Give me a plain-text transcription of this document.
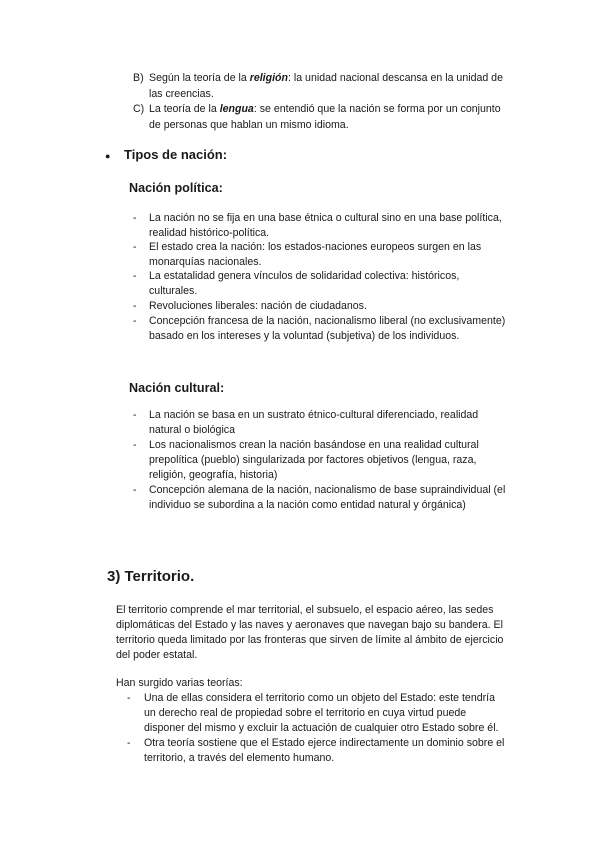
B) Según la teoría de la religión: la unidad nacional descansa en la unidad de
las creencias.
C) La teoría de la lengua: se entendió que la nación se forma por un conjunto
de personas que hablan un mismo idioma.
● Tipos de nación:
Nación política:
- La nación no se fija en una base étnica o cultural sino en una base política,
realidad histórico-política.
- El estado crea la nación: los estados-naciones europeos surgen en las
monarquías nacionales.
- La estatalidad genera vínculos de solidaridad colectiva: históricos,
culturales.
- Revoluciones liberales: nación de ciudadanos.
- Concepción francesa de la nación, nacionalismo liberal (no exclusivamente)
basado en los intereses y la voluntad (subjetiva) de los individuos.
Nación cultural:
- La nación se basa en un sustrato étnico-cultural diferenciado, realidad
natural o biológica
- Los nacionalismos crean la nación basándose en una realidad cultural
prepolítica (pueblo) singularizada por factores objetivos (lengua, raza,
religión, geografía, historia)
- Concepción alemana de la nación, nacionalismo de base supraindividual (el
individuo se subordina a la nación como entidad natural y órgánica)
3) Territorio.
El territorio comprende el mar territorial, el subsuelo, el espacio aéreo, las sedes
diplomáticas del Estado y las naves y aeronaves que navegan bajo su bandera. El
territorio queda limitado por las fronteras que sirven de límite al ámbito de ejercicio
del poder estatal.
Han surgido varias teorías:
- Una de ellas considera el territorio como un objeto del Estado: este tendría
un derecho real de propiedad sobre el territorio en cuya virtud puede
disponer del mismo y excluir la actuación de cualquier otro Estado sobre él.
- Otra teoría sostiene que el Estado ejerce indirectamente un dominio sobre el
territorio, a través del elemento humano.
